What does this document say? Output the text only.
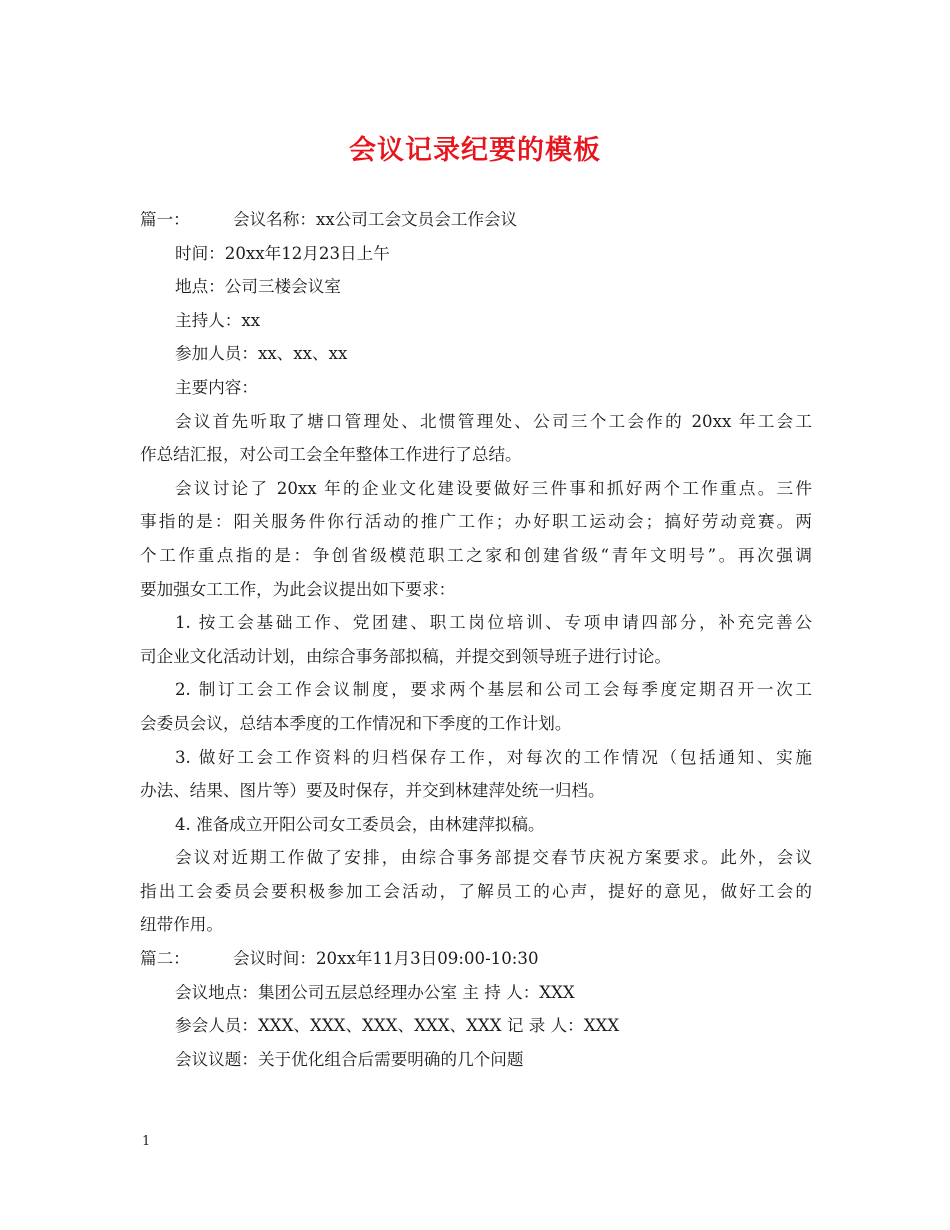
会议记录纪要的模板

篇一：	会议名称：xx公司工会文员会工作会议

时间：20xx年12月23日上午

地点：公司三楼会议室

主持人：xx

参加人员：xx、xx、xx

主要内容：

会议首先听取了塘口管理处、北惯管理处、公司三个工会作的 20xx 年工会工

作总结汇报，对公司工会全年整体工作进行了总结。

会议讨论了 20xx 年的企业文化建设要做好三件事和抓好两个工作重点。三件

事指的是：阳关服务件你行活动的推广工作；办好职工运动会；搞好劳动竞赛。两

个工作重点指的是：争创省级模范职工之家和创建省级“青年文明号”。再次强调

要加强女工工作，为此会议提出如下要求：

1. 按工会基础工作、党团建、职工岗位培训、专项申请四部分，补充完善公

司企业文化活动计划，由综合事务部拟稿，并提交到领导班子进行讨论。

2. 制订工会工作会议制度，要求两个基层和公司工会每季度定期召开一次工

会委员会议，总结本季度的工作情况和下季度的工作计划。

3. 做好工会工作资料的归档保存工作，对每次的工作情况（包括通知、实施

办法、结果、图片等）要及时保存，并交到林建萍处统一归档。

4. 准备成立开阳公司女工委员会，由林建萍拟稿。

会议对近期工作做了安排，由综合事务部提交春节庆祝方案要求。此外，会议

指出工会委员会要积极参加工会活动，了解员工的心声，提好的意见，做好工会的

纽带作用。

篇二：	会议时间：20xx年11月3日09:00-10:30

会议地点：集团公司五层总经理办公室 主 持 人：XXX

参会人员：XXX、XXX、XXX、XXX、XXX 记 录 人：XXX

会议议题：关于优化组合后需要明确的几个问题

1
